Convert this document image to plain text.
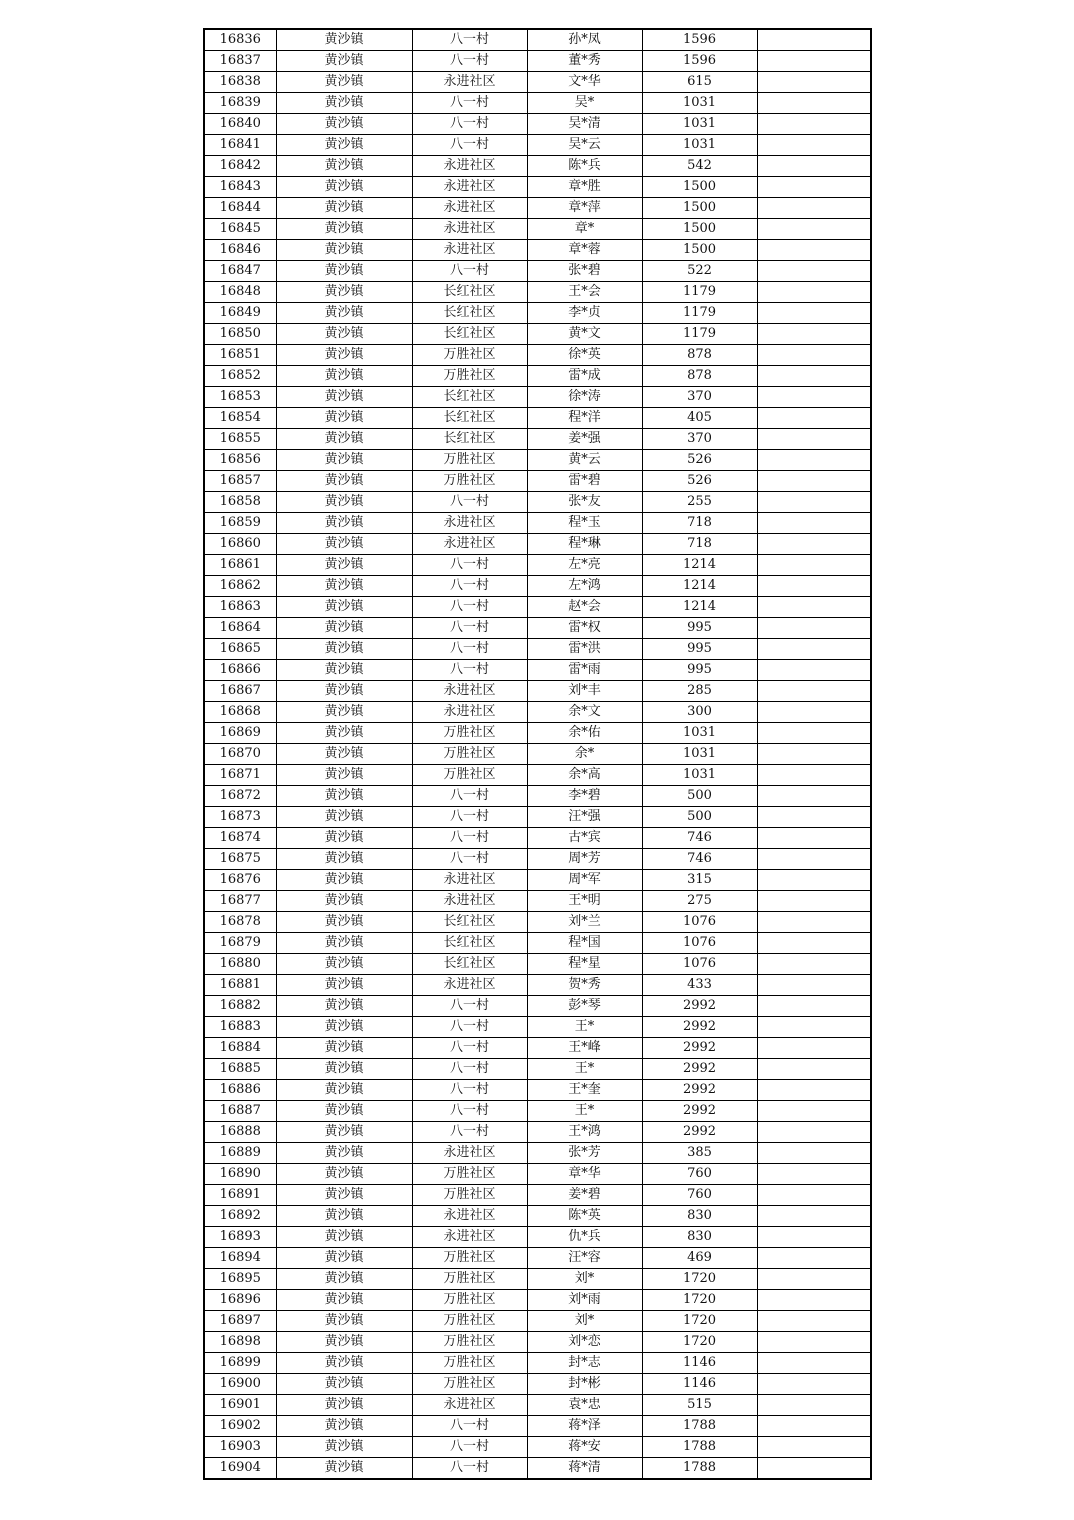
16836	黄沙镇	八一村	孙*凤	1596	
16837	黄沙镇	八一村	董*秀	1596	
16838	黄沙镇	永进社区	文*华	615	
16839	黄沙镇	八一村	吴*	1031	
16840	黄沙镇	八一村	吴*清	1031	
16841	黄沙镇	八一村	吴*云	1031	
16842	黄沙镇	永进社区	陈*兵	542	
16843	黄沙镇	永进社区	章*胜	1500	
16844	黄沙镇	永进社区	章*萍	1500	
16845	黄沙镇	永进社区	章*	1500	
16846	黄沙镇	永进社区	章*蓉	1500	
16847	黄沙镇	八一村	张*碧	522	
16848	黄沙镇	长红社区	王*会	1179	
16849	黄沙镇	长红社区	李*贞	1179	
16850	黄沙镇	长红社区	黄*文	1179	
16851	黄沙镇	万胜社区	徐*英	878	
16852	黄沙镇	万胜社区	雷*成	878	
16853	黄沙镇	长红社区	徐*涛	370	
16854	黄沙镇	长红社区	程*洋	405	
16855	黄沙镇	长红社区	姜*强	370	
16856	黄沙镇	万胜社区	黄*云	526	
16857	黄沙镇	万胜社区	雷*碧	526	
16858	黄沙镇	八一村	张*友	255	
16859	黄沙镇	永进社区	程*玉	718	
16860	黄沙镇	永进社区	程*琳	718	
16861	黄沙镇	八一村	左*亮	1214	
16862	黄沙镇	八一村	左*鸿	1214	
16863	黄沙镇	八一村	赵*会	1214	
16864	黄沙镇	八一村	雷*权	995	
16865	黄沙镇	八一村	雷*洪	995	
16866	黄沙镇	八一村	雷*雨	995	
16867	黄沙镇	永进社区	刘*丰	285	
16868	黄沙镇	永进社区	余*文	300	
16869	黄沙镇	万胜社区	余*佑	1031	
16870	黄沙镇	万胜社区	余*	1031	
16871	黄沙镇	万胜社区	余*高	1031	
16872	黄沙镇	八一村	李*碧	500	
16873	黄沙镇	八一村	汪*强	500	
16874	黄沙镇	八一村	古*宾	746	
16875	黄沙镇	八一村	周*芳	746	
16876	黄沙镇	永进社区	周*军	315	
16877	黄沙镇	永进社区	王*明	275	
16878	黄沙镇	长红社区	刘*兰	1076	
16879	黄沙镇	长红社区	程*国	1076	
16880	黄沙镇	长红社区	程*星	1076	
16881	黄沙镇	永进社区	贺*秀	433	
16882	黄沙镇	八一村	彭*琴	2992	
16883	黄沙镇	八一村	王*	2992	
16884	黄沙镇	八一村	王*峰	2992	
16885	黄沙镇	八一村	王*	2992	
16886	黄沙镇	八一村	王*奎	2992	
16887	黄沙镇	八一村	王*	2992	
16888	黄沙镇	八一村	王*鸿	2992	
16889	黄沙镇	永进社区	张*芳	385	
16890	黄沙镇	万胜社区	章*华	760	
16891	黄沙镇	万胜社区	姜*碧	760	
16892	黄沙镇	永进社区	陈*英	830	
16893	黄沙镇	永进社区	仇*兵	830	
16894	黄沙镇	万胜社区	汪*容	469	
16895	黄沙镇	万胜社区	刘*	1720	
16896	黄沙镇	万胜社区	刘*雨	1720	
16897	黄沙镇	万胜社区	刘*	1720	
16898	黄沙镇	万胜社区	刘*恋	1720	
16899	黄沙镇	万胜社区	封*志	1146	
16900	黄沙镇	万胜社区	封*彬	1146	
16901	黄沙镇	永进社区	袁*忠	515	
16902	黄沙镇	八一村	蒋*泽	1788	
16903	黄沙镇	八一村	蒋*安	1788	
16904	黄沙镇	八一村	蒋*清	1788	
